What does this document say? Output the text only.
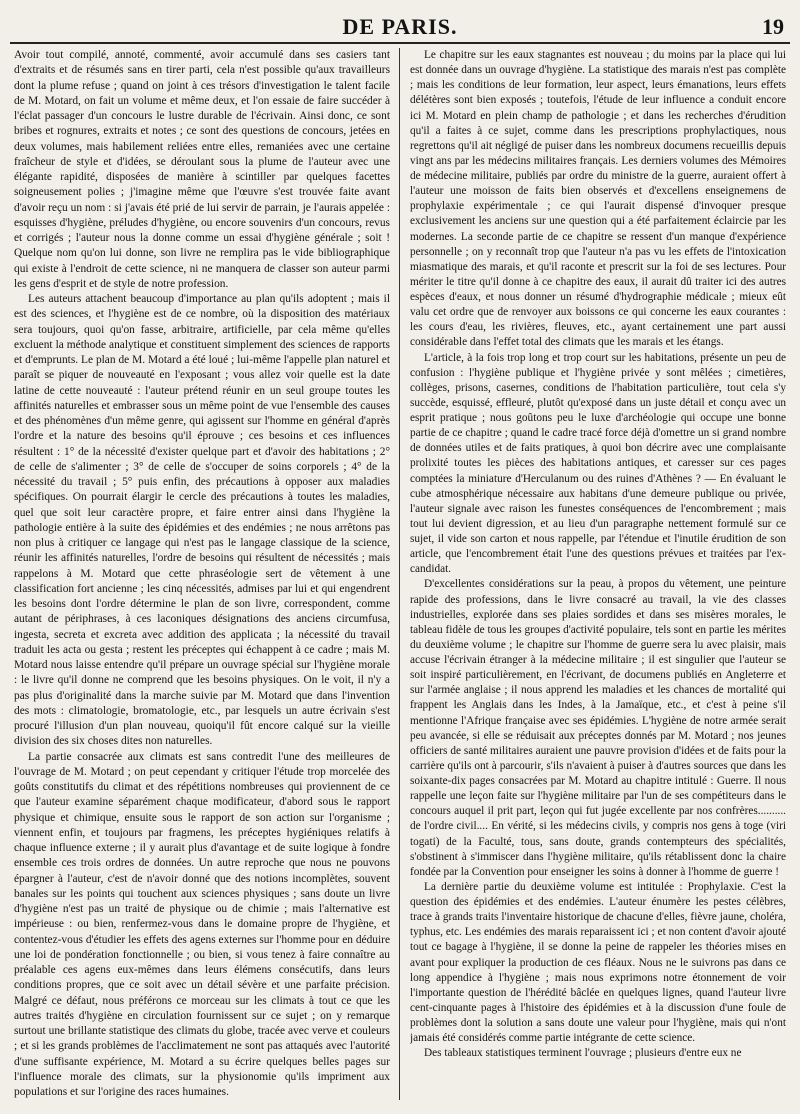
DE PARIS.	19

Avoir tout compilé, annoté, commenté, avoir accumulé dans ses casiers tant d'extraits et de résumés sans en tirer parti, cela n'est possible qu'aux travailleurs dont la plume refuse ; quand on joint à ces trésors d'investigation le talent facile de M. Motard, on fait un volume et même deux, et l'on essaie de faire succéder à l'éclat passager d'un concours le lustre durable de l'écrivain. Ainsi donc, ce sont bribes et rognures, extraits et notes ; ce sont des questions de concours, jetées en deux volumes, mais habilement reliées entre elles, remaniées avec une certaine fraîcheur de style et d'idées, se déroulant sous la plume de l'auteur avec une élégante rapidité, disposées de manière à scintiller par quelques facettes soigneusement polies ; j'imagine même que l'œuvre s'est trouvée faite avant d'avoir reçu un nom : si j'avais été prié de lui servir de parrain, je l'aurais appelée : esquisses d'hygiène, préludes d'hygiène, ou encore souvenirs d'un concours, revus et corrigés ; l'auteur nous la donne comme un essai d'hygiène générale ; soit ! Quelque nom qu'on lui donne, son livre ne remplira pas le vide bibliographique qui existe à l'endroit de cette science, ni ne manquera de classer son auteur parmi les gens d'esprit et de style de notre profession.

Les auteurs attachent beaucoup d'importance au plan qu'ils adoptent ; mais il est des sciences, et l'hygiène est de ce nombre, où la disposition des matériaux sera toujours, quoi qu'on fasse, arbitraire, artificielle, par cela même qu'elles excluent la méthode analytique et constituent simplement des sciences de rapports et d'emprunts. Le plan de M. Motard a été loué ; lui-même l'appelle plan naturel et paraît se piquer de nouveauté en l'exposant ; vous allez voir quelle est la date latine de cette nouveauté : l'auteur prétend réunir en un seul groupe toutes les affinités naturelles et embrasser sous un même point de vue l'ensemble des causes et des phénomènes d'un même genre, qui agissent sur l'homme en général d'après l'ordre et la nature des besoins qu'il éprouve ; ces besoins et ces influences résultent : 1° de la nécessité d'exister quelque part et d'avoir des habitations ; 2° de celle de s'alimenter ; 3° de celle de s'occuper de soins corporels ; 4° de la nécessité du travail ; 5° puis enfin, des précautions à opposer aux maladies spécifiques. On pourrait élargir le cercle des précautions à toutes les maladies, quel que soit leur caractère propre, et faire entrer ainsi dans l'hygiène la pathologie entière à la suite des épidémies et des endémies ; ne nous arrêtons pas non plus à critiquer ce langage qui n'est pas le langage classique de la science, réunir les affinités naturelles, l'ordre de besoins qui résultent de nécessités ; mais rappelons à M. Motard que cette phraséologie sert de vêtement à une classification fort ancienne ; les cinq nécessités, admises par lui et qui engendrent les besoins dont l'ordre détermine le plan de son livre, correspondent, comme autant de périphrases, à ces laconiques désignations des anciens circumfusa, ingesta, secreta et excreta avec addition des applicata ; la nécessité du travail traduit les acta ou gesta ; restent les préceptes qui échappent à ce cadre ; mais M. Motard nous laisse entendre qu'il prépare un ouvrage spécial sur l'hygiène morale : le livre qu'il donne ne comprend que les besoins physiques. On le voit, il n'y a pas plus d'originalité dans la marche suivie par M. Motard que dans l'invention des mots : climatologie, bromatologie, etc., par lesquels un autre écrivain s'est procuré l'illusion d'un plan nouveau, quoiqu'il fût encore calqué sur la vieille division des six choses dites non naturelles.

La partie consacrée aux climats est sans contredit l'une des meilleures de l'ouvrage de M. Motard ; on peut cependant y critiquer l'étude trop morcelée des goûts constitutifs du climat et des répétitions nombreuses qui proviennent de ce que l'auteur examine séparément chaque modificateur, d'abord sous le rapport physique et chimique, ensuite sous le rapport de son action sur l'organisme ; viennent enfin, et toujours par fragmens, les préceptes hygiéniques relatifs à chaque influence externe ; il y aurait plus d'avantage et de suite logique à fondre ensemble ces trois ordres de données. Un autre reproche que nous ne pouvons épargner à l'auteur, c'est de n'avoir donné que des notions incomplètes, souvent banales sur les points qui touchent aux sciences physiques ; sans doute un livre d'hygiène n'est pas un traité de physique ou de chimie ; mais l'alternative est impérieuse : ou bien, renfermez-vous dans le domaine propre de l'hygiène, et contentez-vous d'étudier les effets des agens externes sur l'homme pour en déduire une loi de pondération fonctionnelle ; ou bien, si vous tenez à faire connaître au préalable ces agens eux-mêmes dans leurs élémens consécutifs, dans leurs conditions propres, que ce soit avec un détail sévère et une parfaite précision. Malgré ce défaut, nous préférons ce morceau sur les climats à tout ce que les autres traités d'hygiène en circulation fournissent sur ce sujet ; on y remarque surtout une brillante statistique des climats du globe, tracée avec verve et couleurs ; et si les grands problèmes de l'acclimatement ne sont pas attaqués avec l'autorité d'une suffisante expérience, M. Motard a su écrire quelques belles pages sur l'influence morale des climats, sur la physionomie qu'ils impriment aux populations et sur l'origine des races humaines.

Le chapitre sur les eaux stagnantes est nouveau ; du moins par la place qui lui est donnée dans un ouvrage d'hygiène. La statistique des marais n'est pas complète ; mais les conditions de leur formation, leur aspect, leurs émanations, leurs effets délétères sont bien exposés ; toutefois, l'étude de leur influence a conduit encore ici M. Motard en plein champ de pathologie ; et dans les recherches d'érudition qu'il a faites à ce sujet, comme dans les prescriptions prophylactiques, nous regrettons qu'il ait négligé de puiser dans les nombreux documens recueillis depuis vingt ans par les médecins militaires français. Les derniers volumes des Mémoires de médecine militaire, publiés par ordre du ministre de la guerre, auraient offert à l'auteur une moisson de faits bien observés et d'excellens enseignemens de prophylaxie expérimentale ; ce qui l'aurait dispensé d'invoquer presque exclusivement les anciens sur une question qui a été parfaitement éclaircie par les modernes. La seconde partie de ce chapitre se ressent d'un manque d'expérience personnelle ; on y reconnaît trop que l'auteur n'a pas vu les effets de l'intoxication miasmatique des marais, et qu'il raconte et prescrit sur la foi de ses lectures. Pour mériter le titre qu'il donne à ce chapitre des eaux, il aurait dû traiter ici des autres espèces d'eaux, et nous donner un résumé d'hydrographie médicale ; mieux eût valu cet ordre que de renvoyer aux boissons ce qui concerne les eaux courantes : les cours d'eau, les rivières, fleuves, etc., ayant certainement une part aussi considérable dans l'effet total des climats que les marais et les étangs.

L'article, à la fois trop long et trop court sur les habitations, présente un peu de confusion : l'hygiène publique et l'hygiène privée y sont mêlées ; cimetières, collèges, prisons, casernes, conditions de l'habitation particulière, tout cela s'y succède, esquissé, effleuré, plutôt qu'exposé dans un juste détail et conçu avec un esprit pratique ; nous goûtons peu le luxe d'archéologie qui occupe une bonne partie de ce chapitre ; quand le cadre tracé force déjà d'omettre un si grand nombre de données utiles et de faits pratiques, à quoi bon décrire avec une complaisante prolixité toutes les pièces des habitations antiques, et caresser sur ces pages comptées la miniature d'Herculanum ou des ruines d'Athènes ? — En évaluant le cube atmosphérique nécessaire aux habitans d'une demeure publique ou privée, l'auteur signale avec raison les funestes conséquences de l'encombrement ; mais tout lui devient digression, et au lieu d'un paragraphe nettement formulé sur ce sujet, il vide son carton et nous rappelle, par l'étendue et l'inutile érudition de son article, que l'encombrement était l'une des questions prévues et traitées par l'ex-candidat.

D'excellentes considérations sur la peau, à propos du vêtement, une peinture rapide des professions, dans le livre consacré au travail, la vie des classes industrielles, explorée dans ses plaies sordides et dans ses misères morales, le tableau fidèle de tous les groupes d'activité populaire, tels sont en partie les mérites du deuxième volume ; le chapitre sur l'homme de guerre sera lu avec plaisir, mais accuse l'écrivain étranger à la médecine militaire ; il est singulier que l'auteur se soit inspiré particulièrement, en l'écrivant, de documens publiés en Angleterre et sur l'armée anglaise ; il nous apprend les maladies et les chances de mortalité qui frappent les Anglais dans les Indes, à la Jamaïque, etc., et c'est à peine s'il mentionne l'Afrique française avec ses épidémies. L'hygiène de notre armée serait peu avancée, si elle se réduisait aux préceptes donnés par M. Motard ; nos jeunes officiers de santé militaires auraient une pauvre provision d'idées et de faits pour la carrière qu'ils ont à parcourir, s'ils n'avaient à puiser à d'autres sources que dans les soixante-dix pages consacrées par M. Motard au chapitre intitulé : Guerre. Il nous rappelle une leçon faite sur l'hygiène militaire par l'un de ses compétiteurs dans le concours auquel il prit part, leçon qui fut jugée excellente par nos confrères.......... de l'ordre civil.... En vérité, si les médecins civils, y compris nos gens à toge (viri togati) de la Faculté, tous, sans doute, grands contempteurs des spécialités, s'obstinent à s'immiscer dans l'hygiène militaire, qu'ils rétablissent donc la chaire fondée par la Convention pour enseigner les soins à donner à l'homme de guerre !

La dernière partie du deuxième volume est intitulée : Prophylaxie. C'est la question des épidémies et des endémies. L'auteur énumère les pestes célèbres, trace à grands traits l'inventaire historique de chacune d'elles, fièvre jaune, choléra, typhus, etc. Les endémies des marais reparaissent ici ; et non content d'avoir ajouté tout ce bagage à l'hygiène, il se donne la peine de rappeler les théories mises en avant pour expliquer la production de ces fléaux. Nous ne le suivrons pas dans ce long appendice à l'hygiène ; mais nous exprimons notre étonnement de voir l'importante question de l'hérédité bâclée en quelques lignes, quand l'auteur livre cent-cinquante pages à l'histoire des épidémies et à la discussion d'une foule de problèmes dont la solution a sans doute une valeur pour l'hygiène, mais qui n'ont jamais été considérés comme partie intégrante de cette science.

Des tableaux statistiques terminent l'ouvrage ; plusieurs d'entre eux ne
